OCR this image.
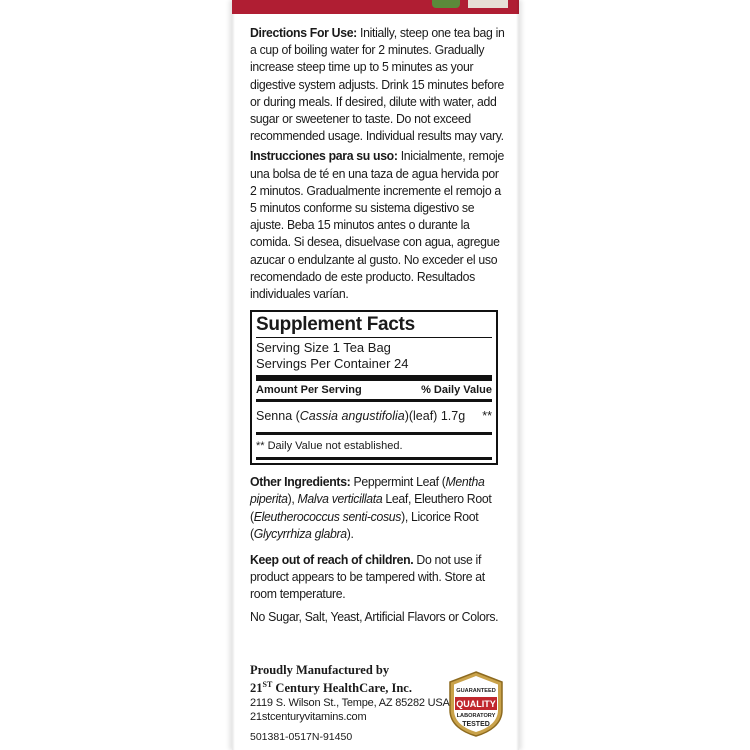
Directions For Use: Initially, steep one tea bag in a cup of boiling water for 2 minutes. Gradually increase steep time up to 5 minutes as your digestive system adjusts. Drink 15 minutes before or during meals. If desired, dilute with water, add sugar or sweetener to taste. Do not exceed recommended usage. Individual results may vary.

Instrucciones para su uso: Inicialmente, remoje una bolsa de té en una taza de agua hervida por 2 minutos. Gradualmente incremente el remojo a 5 minutos conforme su sistema digestivo se ajuste. Beba 15 minutos antes o durante la comida. Si desea, disuelvase con agua, agregue azucar o endulzante al gusto. No exceder el uso recomendado de este producto. Resultados individuales varían.

Supplement Facts
Serving Size 1 Tea Bag
Servings Per Container 24
Amount Per Serving	% Daily Value
Senna (Cassia angustifolia)(leaf) 1.7g **
** Daily Value not established.

Other Ingredients: Peppermint Leaf (Mentha piperita), Malva verticillata Leaf, Eleuthero Root (Eleutherococcus senti-cosus), Licorice Root (Glycyrrhiza glabra).

Keep out of reach of children. Do not use if product appears to be tampered with. Store at room temperature.

No Sugar, Salt, Yeast, Artificial Flavors or Colors.

Proudly Manufactured by
21ST Century HealthCare, Inc.
2119 S. Wilson St., Tempe, AZ 85282 USA
21stcenturyvitamins.com
501381-0517N-91450
GUARANTEED
QUALITY
LABORATORY
TESTED
